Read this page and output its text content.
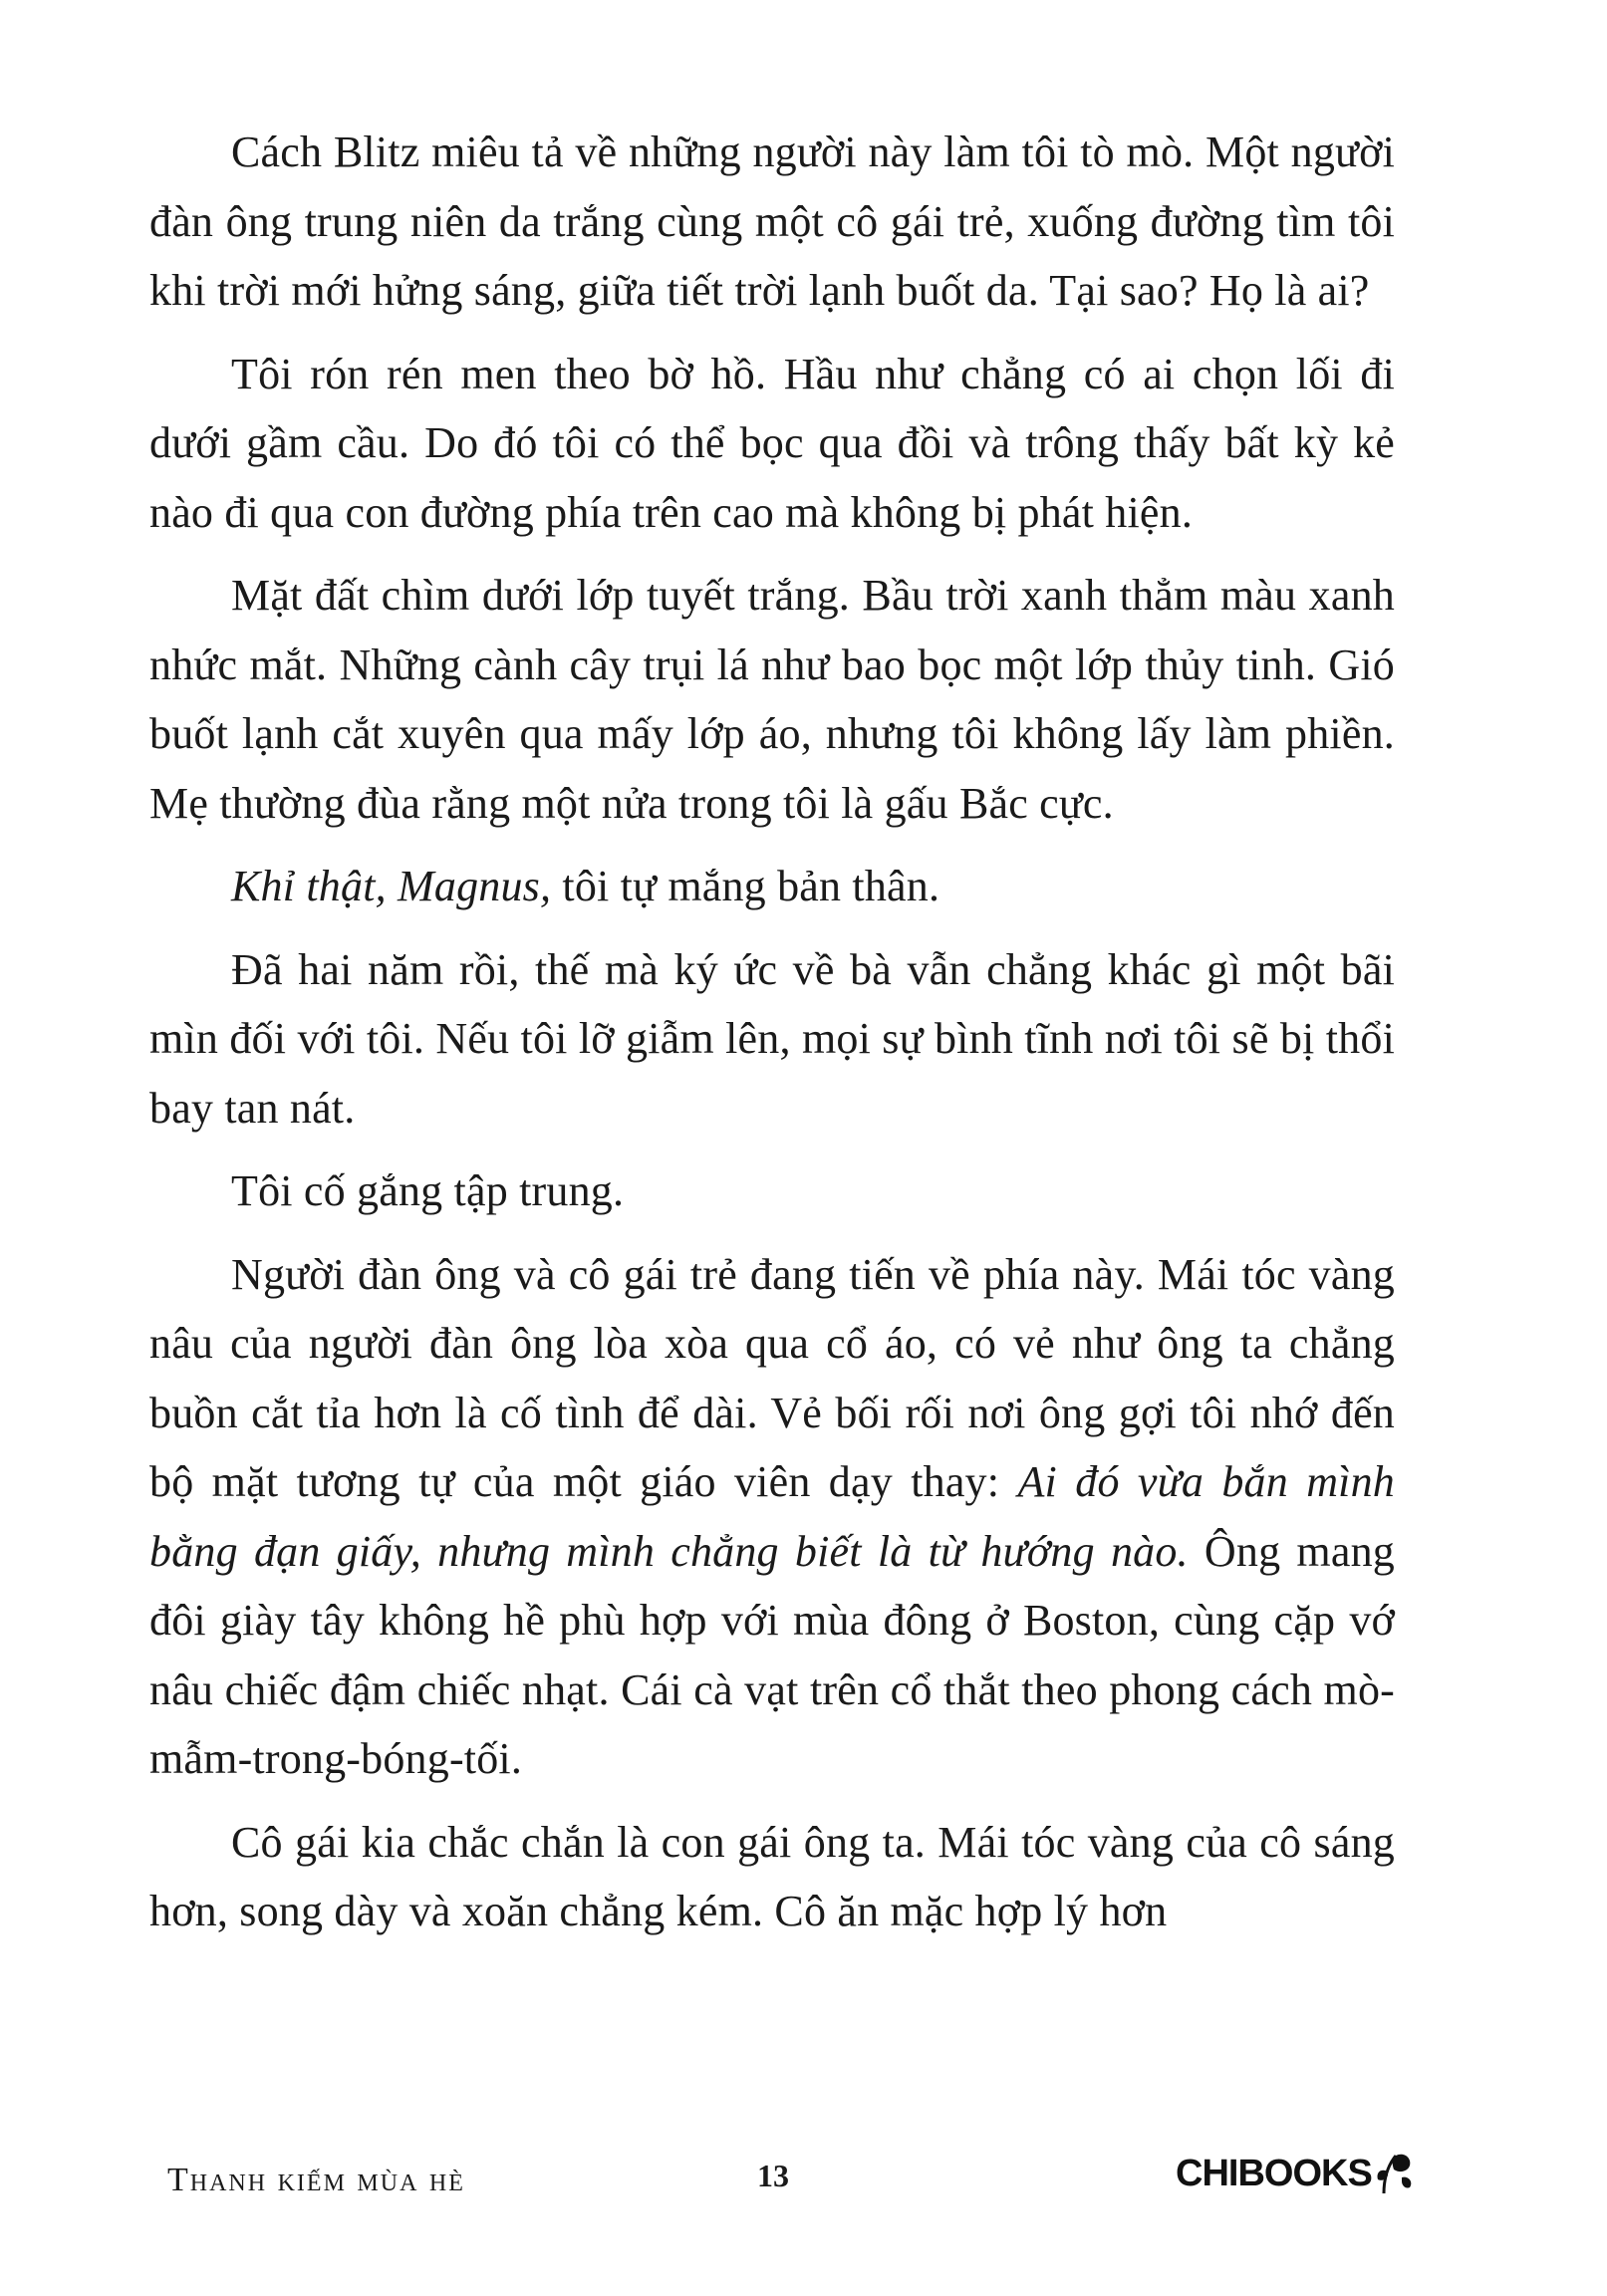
Cách Blitz miêu tả về những người này làm tôi tò mò. Một người đàn ông trung niên da trắng cùng một cô gái trẻ, xuống đường tìm tôi khi trời mới hửng sáng, giữa tiết trời lạnh buốt da. Tại sao? Họ là ai?

Tôi rón rén men theo bờ hồ. Hầu như chẳng có ai chọn lối đi dưới gầm cầu. Do đó tôi có thể bọc qua đồi và trông thấy bất kỳ kẻ nào đi qua con đường phía trên cao mà không bị phát hiện.

Mặt đất chìm dưới lớp tuyết trắng. Bầu trời xanh thẳm màu xanh nhức mắt. Những cành cây trụi lá như bao bọc một lớp thủy tinh. Gió buốt lạnh cắt xuyên qua mấy lớp áo, nhưng tôi không lấy làm phiền. Mẹ thường đùa rằng một nửa trong tôi là gấu Bắc cực.

Khỉ thật, Magnus, tôi tự mắng bản thân.

Đã hai năm rồi, thế mà ký ức về bà vẫn chẳng khác gì một bãi mìn đối với tôi. Nếu tôi lỡ giẫm lên, mọi sự bình tĩnh nơi tôi sẽ bị thổi bay tan nát.

Tôi cố gắng tập trung.

Người đàn ông và cô gái trẻ đang tiến về phía này. Mái tóc vàng nâu của người đàn ông lòa xòa qua cổ áo, có vẻ như ông ta chẳng buồn cắt tỉa hơn là cố tình để dài. Vẻ bối rối nơi ông gợi tôi nhớ đến bộ mặt tương tự của một giáo viên dạy thay: Ai đó vừa bắn mình bằng đạn giấy, nhưng mình chẳng biết là từ hướng nào. Ông mang đôi giày tây không hề phù hợp với mùa đông ở Boston, cùng cặp vớ nâu chiếc đậm chiếc nhạt. Cái cà vạt trên cổ thắt theo phong cách mò-mẫm-trong-bóng-tối.

Cô gái kia chắc chắn là con gái ông ta. Mái tóc vàng của cô sáng hơn, song dày và xoăn chẳng kém. Cô ăn mặc hợp lý hơn

Thanh kiếm mùa hè	13	CHIBOOKS
